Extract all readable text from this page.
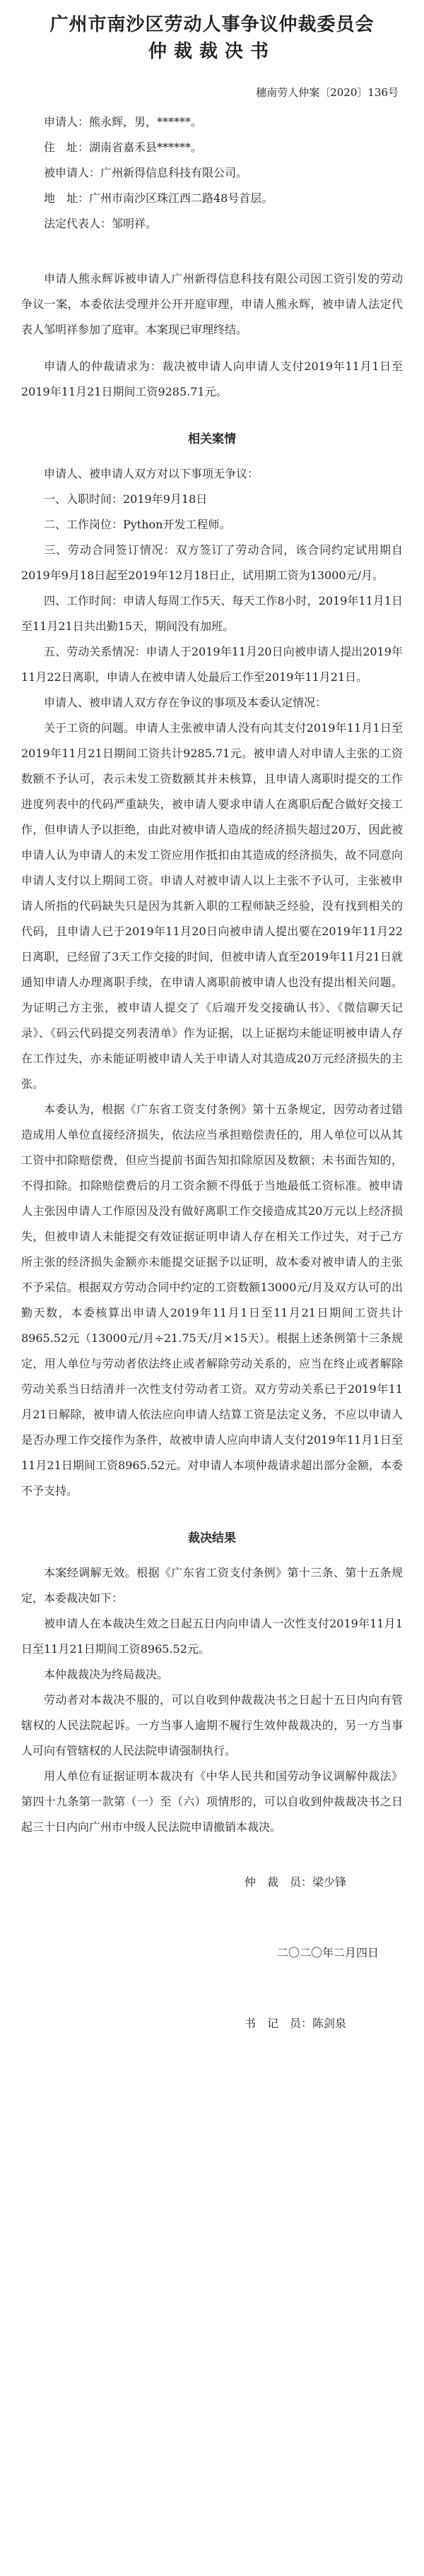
广州市南沙区劳动人事争议仲裁委员会
仲裁裁决书

穗南劳人仲案〔2020〕136号

申请人：熊永辉，男，******。

住　址：湖南省嘉禾县******。

被申请人：广州新得信息科技有限公司。

地　址：广州市南沙区珠江西二路48号首层。

法定代表人：邹明祥。

申请人熊永辉诉被申请人广州新得信息科技有限公司因工资引发的劳动争议一案，本委依法受理并公开开庭审理，申请人熊永辉，被申请人法定代表人邹明祥参加了庭审。本案现已审理终结。

申请人的仲裁请求为：裁决被申请人向申请人支付2019年11月1日至2019年11月21日期间工资9285.71元。

相关案情

申请人、被申请人双方对以下事项无争议：

一、入职时间：2019年9月18日

二、工作岗位：Python开发工程师。

三、劳动合同签订情况：双方签订了劳动合同，该合同约定试用期自2019年9月18日起至2019年12月18日止，试用期工资为13000元/月。

四、工作时间：申请人每周工作5天、每天工作8小时，2019年11月1日至11月21日共出勤15天，期间没有加班。

五、劳动关系情况：申请人于2019年11月20日向被申请人提出2019年11月22日离职，申请人在被申请人处最后工作至2019年11月21日。

申请人、被申请人双方存在争议的事项及本委认定情况：

关于工资的问题。申请人主张被申请人没有向其支付2019年11月1日至2019年11月21日期间工资共计9285.71元。被申请人对申请人主张的工资数额不予认可，表示未发工资数额其并未核算，且申请人离职时提交的工作进度列表中的代码严重缺失，被申请人要求申请人在离职后配合做好交接工作，但申请人予以拒绝，由此对被申请人造成的经济损失超过20万，因此被申请人认为申请人的未发工资应用作抵扣由其造成的经济损失，故不同意向申请人支付以上期间工资。申请人对被申请人以上主张不予认可，主张被申请人所指的代码缺失只是因为其新入职的工程师缺乏经验，没有找到相关的代码，且申请人已于2019年11月20日向被申请人提出要在2019年11月22日离职，已经留了3天工作交接的时间，但被申请人直至2019年11月21日就通知申请人办理离职手续，在申请人离职前被申请人也没有提出相关问题。为证明己方主张，被申请人提交了《后端开发交接确认书》、《微信聊天记录》、《码云代码提交列表清单》作为证据，以上证据均未能证明被申请人存在工作过失，亦未能证明被申请人关于申请人对其造成20万元经济损失的主张。

本委认为，根据《广东省工资支付条例》第十五条规定，因劳动者过错造成用人单位直接经济损失，依法应当承担赔偿责任的，用人单位可以从其工资中扣除赔偿费，但应当提前书面告知扣除原因及数额；未书面告知的，不得扣除。扣除赔偿费后的月工资余额不得低于当地最低工资标准。被申请人主张因申请人工作原因及没有做好离职工作交接造成其20万元以上经济损失，但被申请人未能提交有效证据证明申请人存在相关工作过失，对于己方所主张的经济损失金额亦未能提交证据予以证明，故本委对被申请人的主张不予采信。根据双方劳动合同中约定的工资数额13000元/月及双方认可的出勤天数，本委核算出申请人2019年11月1日至11月21日期间工资共计8965.52元（13000元/月÷21.75天/月×15天）。根据上述条例第十三条规定，用人单位与劳动者依法终止或者解除劳动关系的，应当在终止或者解除劳动关系当日结清并一次性支付劳动者工资。双方劳动关系已于2019年11月21日解除，被申请人依法应向申请人结算工资是法定义务，不应以申请人是否办理工作交接作为条件，故被申请人应向申请人支付2019年11月1日至11月21日期间工资8965.52元。对申请人本项仲裁请求超出部分金额，本委不予支持。

裁决结果

本案经调解无效。根据《广东省工资支付条例》第十三条、第十五条规定，本委裁决如下：

被申请人在本裁决生效之日起五日内向申请人一次性支付2019年11月1日至11月21日期间工资8965.52元。

本仲裁裁决为终局裁决。

劳动者对本裁决不服的，可以自收到仲裁裁决书之日起十五日内向有管辖权的人民法院起诉。一方当事人逾期不履行生效仲裁裁决的，另一方当事人可向有管辖权的人民法院申请强制执行。

用人单位有证据证明本裁决有《中华人民共和国劳动争议调解仲裁法》第四十九条第一款第（一）至（六）项情形的，可以自收到仲裁裁决书之日起三十日内向广州市中级人民法院申请撤销本裁决。

仲　裁　员：梁少锋

二〇二〇年二月四日

书　记　员：陈剑泉
